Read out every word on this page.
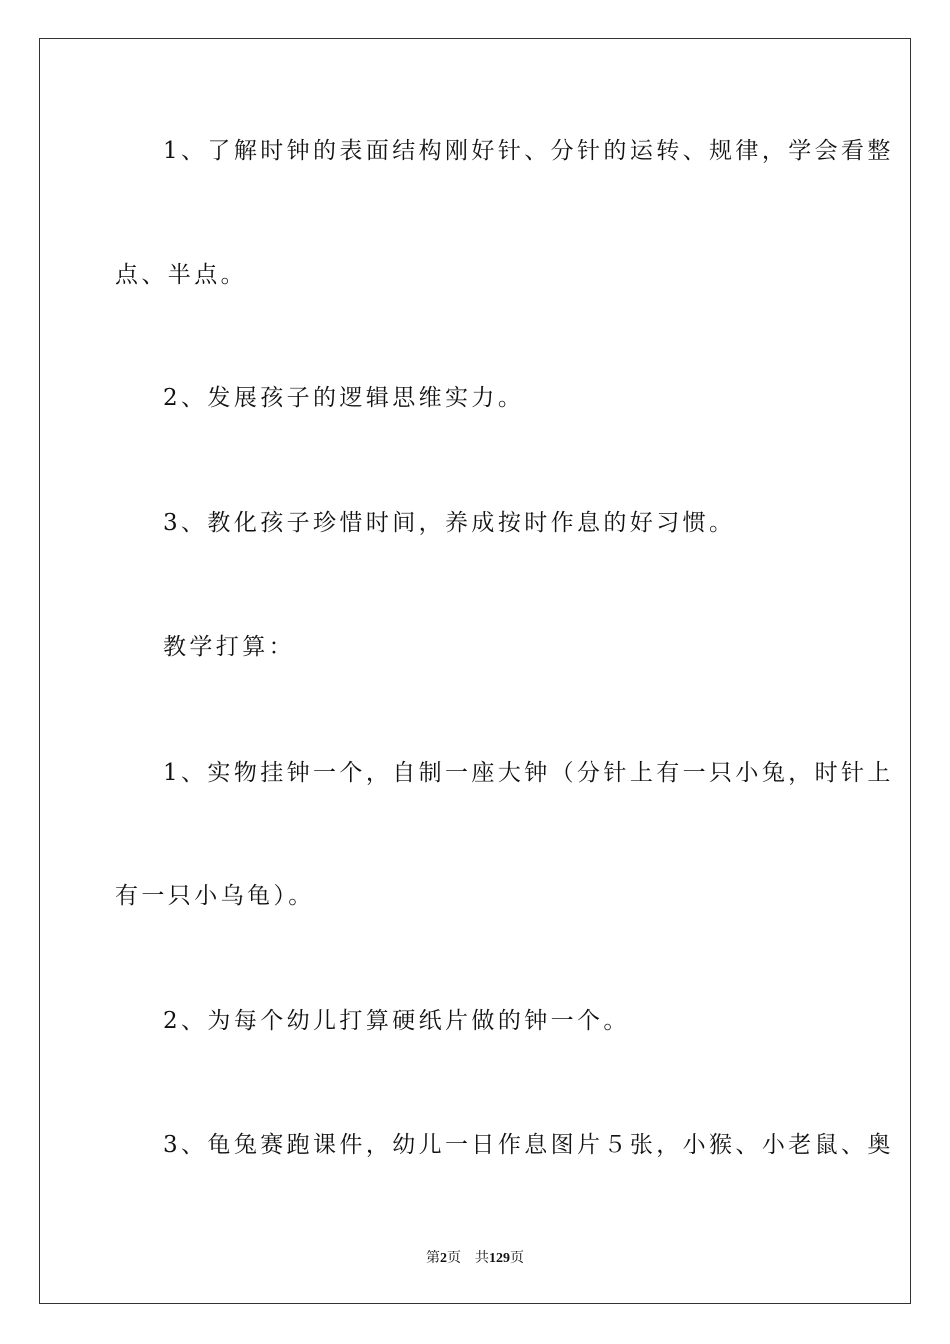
1、了解时钟的表面结构刚好针、分针的运转、规律，学会看整
点、半点。
2、发展孩子的逻辑思维实力。
3、教化孩子珍惜时间，养成按时作息的好习惯。
教学打算：
1、实物挂钟一个，自制一座大钟（分针上有一只小兔，时针上
有一只小乌龟）。
2、为每个幼儿打算硬纸片做的钟一个。
3、龟兔赛跑课件，幼儿一日作息图片５张，小猴、小老鼠、奥
第2页 共129页
